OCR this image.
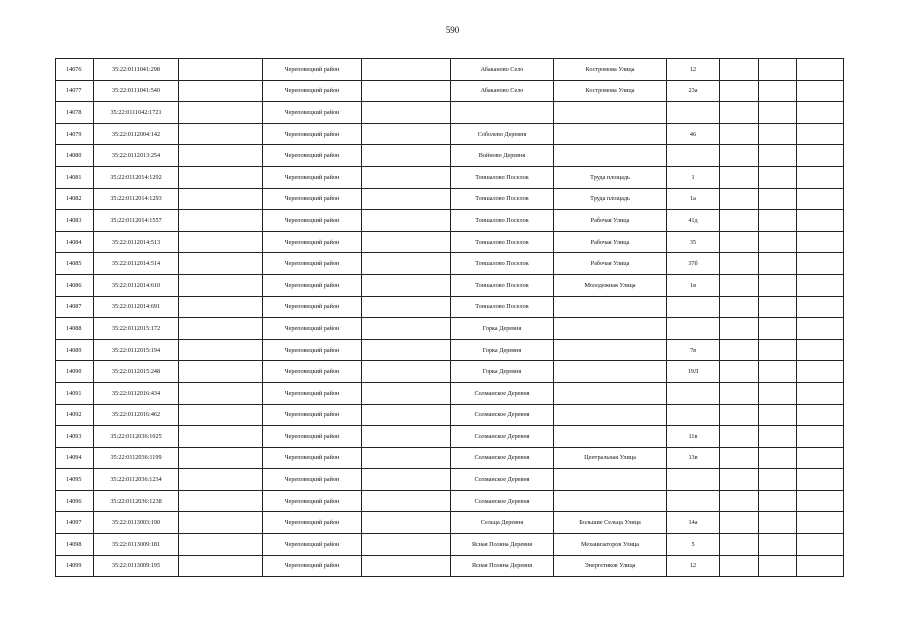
590
14076	35:22:0111041:298		Череповецкий район		Абаканово Село	Костромова Улица	12			
14077	35:22:0111041:540		Череповецкий район		Абаканово Село	Костромова Улица	23а			
14078	35:22:0111042:1721		Череповецкий район							
14079	35:22:0112004:142		Череповецкий район		Соболево Деревня		46			
14080	35:22:0112013:254		Череповецкий район		Войново Деревня					
14081	35:22:0112014:1292		Череповецкий район		Тоншалово Поселок	Труда площадь	1			
14082	35:22:0112014:1293		Череповецкий район		Тоншалово Поселок	Труда площадь	1а			
14083	35:22:0112014:1557		Череповецкий район		Тоншалово Поселок	Рабочая Улица	41д			
14084	35:22:0112014:513		Череповецкий район		Тоншалово Поселок	Рабочая Улица	35			
14085	35:22:0112014:514		Череповецкий район		Тоншалово Поселок	Рабочая Улица	37б			
14086	35:22:0112014:610		Череповецкий район		Тоншалово Поселок	Молодежная Улица	1в			
14087	35:22:0112014:691		Череповецкий район		Тоншалово Поселок					
14088	35:22:0112015:172		Череповецкий район		Горка Деревня					
14089	35:22:0112015:194		Череповецкий район		Горка Деревня		7в			
14090	35:22:0112015:248		Череповецкий район		Горка Деревня		19Л			
14091	35:22:0112016:434		Череповецкий район		Солманское Деревня					
14092	35:22:0112016:462		Череповецкий район		Солманское Деревня					
14093	35:22:0112036:1025		Череповецкий район		Солманское Деревня		11в			
14094	35:22:0112036:1199		Череповецкий район		Солманское Деревня	Центральная Улица	13в			
14095	35:22:0112036:1234		Череповецкий район		Солманское Деревня					
14096	35:22:0112036:1238		Череповецкий район		Солманское Деревня					
14097	35:22:0113003:190		Череповецкий район		Сельца Деревня	Большие Сельца Улица	14а			
14098	35:22:0113009:181		Череповецкий район		Ясная Поляна Деревня	Механизаторов Улица	5			
14099	35:22:0113009:195		Череповецкий район		Ясная Поляна Деревня	Энергетиков Улица	12			
